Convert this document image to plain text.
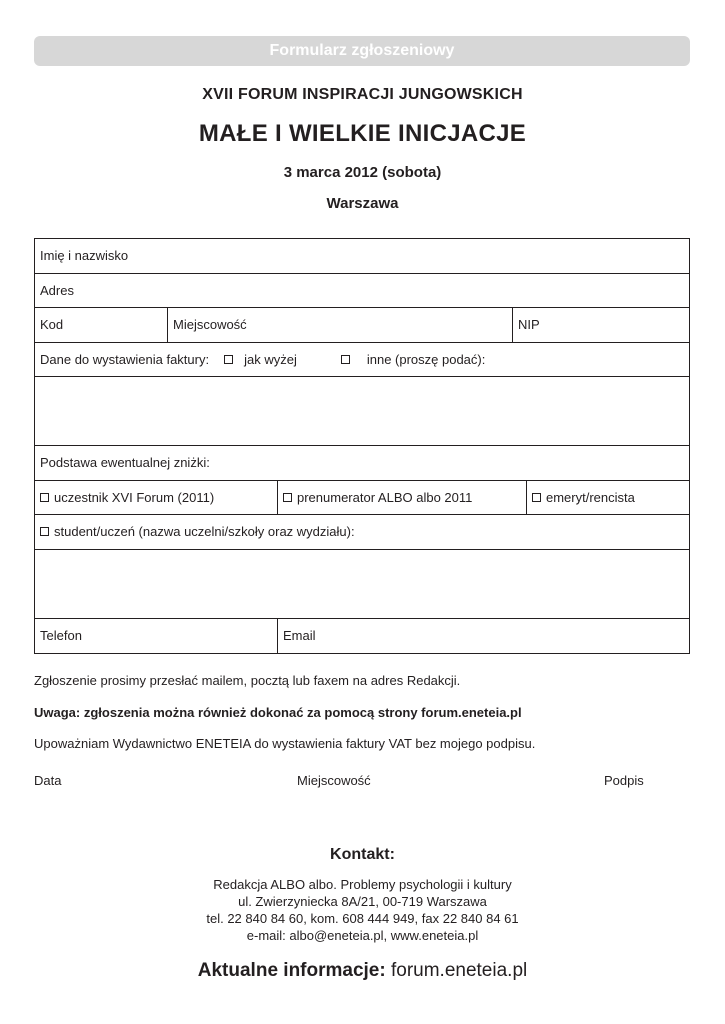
Formularz zgłoszeniowy
XVII FORUM INSPIRACJI JUNGOWSKICH
MAŁE I WIELKIE INICJACJE
3 marca 2012 (sobota)
Warszawa
Imię i nazwisko
Adres
Kod	Miejscowość	NIP
Dane do wystawienia faktury:	jak wyżej	inne (proszę podać):
Podstawa ewentualnej zniżki:
uczestnik XVI Forum (2011)	prenumerator ALBO albo 2011	emeryt/rencista
student/uczeń (nazwa uczelni/szkoły oraz wydziału):
Telefon	Email
Zgłoszenie prosimy przesłać mailem, pocztą lub faxem na adres Redakcji.
Uwaga: zgłoszenia można również dokonać za pomocą strony forum.eneteia.pl
Upoważniam Wydawnictwo ENETEIA do wystawienia faktury VAT bez mojego podpisu.
Data	Miejscowość	Podpis
Kontakt:
Redakcja ALBO albo. Problemy psychologii i kultury
ul. Zwierzyniecka 8A/21, 00-719 Warszawa
tel. 22 840 84 60, kom. 608 444 949, fax 22 840 84 61
e-mail: albo@eneteia.pl, www.eneteia.pl
Aktualne informacje: forum.eneteia.pl
